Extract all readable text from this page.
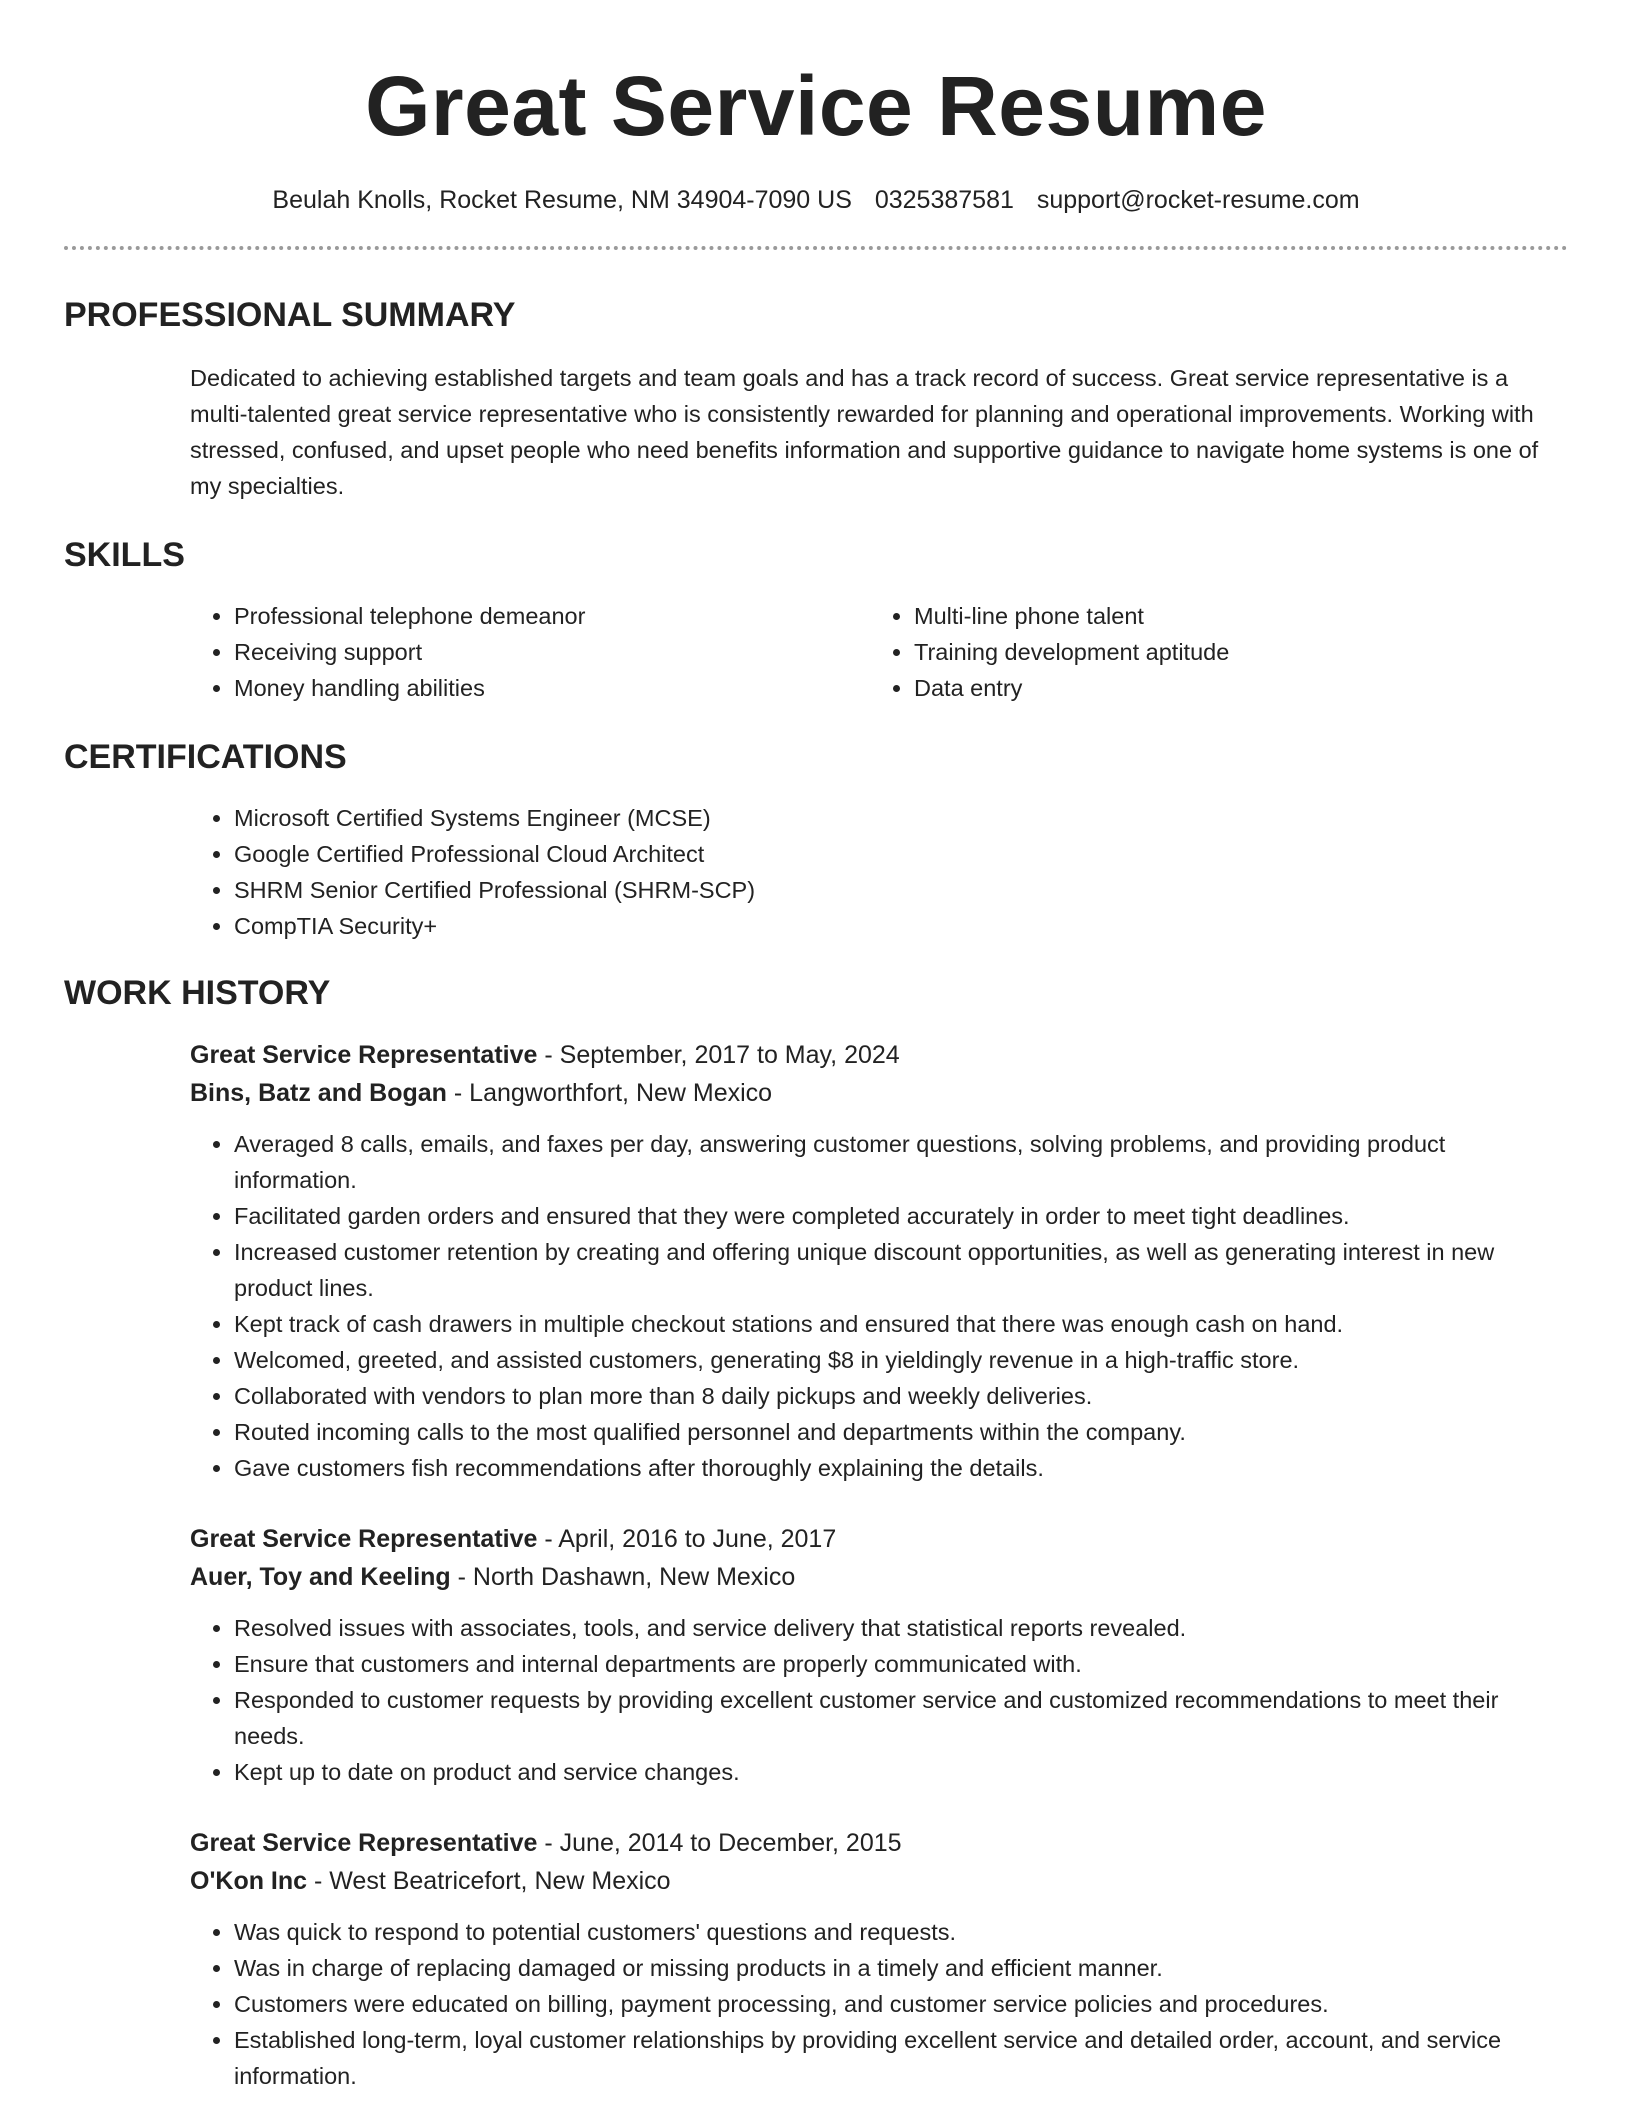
Great Service Resume
Beulah Knolls, Rocket Resume, NM 34904-7090 US 0325387581 support@rocket-resume.com
PROFESSIONAL SUMMARY

Dedicated to achieving established targets and team goals and has a track record of success. Great service representative is a multi-talented great service representative who is consistently rewarded for planning and operational improvements. Working with stressed, confused, and upset people who need benefits information and supportive guidance to navigate home systems is one of my specialties.

SKILLS
• Professional telephone demeanor
• Receiving support
• Money handling abilities
• Multi-line phone talent
• Training development aptitude
• Data entry
CERTIFICATIONS
• Microsoft Certified Systems Engineer (MCSE)
• Google Certified Professional Cloud Architect
• SHRM Senior Certified Professional (SHRM-SCP)
• CompTIA Security+
WORK HISTORY
Great Service Representative - September, 2017 to May, 2024
Bins, Batz and Bogan - Langworthfort, New Mexico
• Averaged 8 calls, emails, and faxes per day, answering customer questions, solving problems, and providing product information.
• Facilitated garden orders and ensured that they were completed accurately in order to meet tight deadlines.
• Increased customer retention by creating and offering unique discount opportunities, as well as generating interest in new product lines.
• Kept track of cash drawers in multiple checkout stations and ensured that there was enough cash on hand.
• Welcomed, greeted, and assisted customers, generating $8 in yieldingly revenue in a high-traffic store.
• Collaborated with vendors to plan more than 8 daily pickups and weekly deliveries.
• Routed incoming calls to the most qualified personnel and departments within the company.
• Gave customers fish recommendations after thoroughly explaining the details.
Great Service Representative - April, 2016 to June, 2017
Auer, Toy and Keeling - North Dashawn, New Mexico
• Resolved issues with associates, tools, and service delivery that statistical reports revealed.
• Ensure that customers and internal departments are properly communicated with.
• Responded to customer requests by providing excellent customer service and customized recommendations to meet their needs.
• Kept up to date on product and service changes.
Great Service Representative - June, 2014 to December, 2015
O'Kon Inc - West Beatricefort, New Mexico
• Was quick to respond to potential customers' questions and requests.
• Was in charge of replacing damaged or missing products in a timely and efficient manner.
• Customers were educated on billing, payment processing, and customer service policies and procedures.
• Established long-term, loyal customer relationships by providing excellent service and detailed order, account, and service information.
